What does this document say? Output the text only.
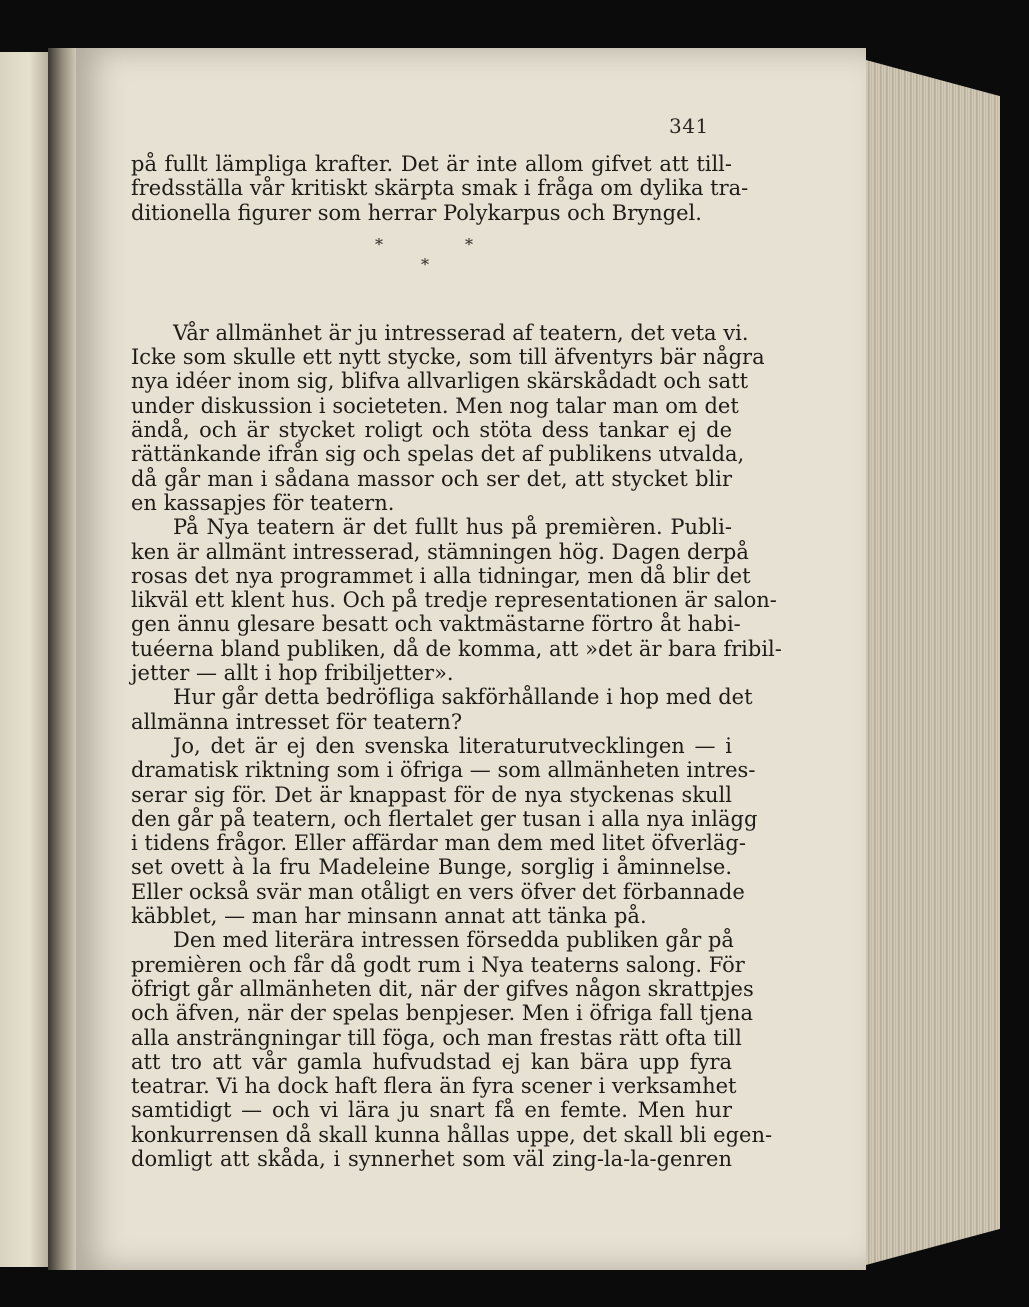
341

på fullt lämpliga krafter. Det är inte allom gifvet att till-
fredsställa vår kritiskt skärpta smak i fråga om dylika tra-
ditionella figurer som herrar Polykarpus och Bryngel.

*	*
*

Vår allmänhet är ju intresserad af teatern, det veta vi.
Icke som skulle ett nytt stycke, som till äfventyrs bär några
nya idéer inom sig, blifva allvarligen skärskådadt och satt
under diskussion i societeten. Men nog talar man om det
ändå, och är stycket roligt och stöta dess tankar ej de
rättänkande ifrån sig och spelas det af publikens utvalda,
då går man i sådana massor och ser det, att stycket blir
en kassapjes för teatern.

På Nya teatern är det fullt hus på premièren. Publi-
ken är allmänt intresserad, stämningen hög. Dagen derpå
rosas det nya programmet i alla tidningar, men då blir det
likväl ett klent hus. Och på tredje representationen är salon-
gen ännu glesare besatt och vaktmästarne förtro åt habi-
tuéerna bland publiken, då de komma, att »det är bara fribil-
jetter — allt i hop fribiljetter».

Hur går detta bedröfliga sakförhållande i hop med det
allmänna intresset för teatern?

Jo, det är ej den svenska literaturutvecklingen — i
dramatisk riktning som i öfriga — som allmänheten intres-
serar sig för. Det är knappast för de nya styckenas skull
den går på teatern, och flertalet ger tusan i alla nya inlägg
i tidens frågor. Eller affärdar man dem med litet öfverläg-
set ovett à la fru Madeleine Bunge, sorglig i åminnelse.
Eller också svär man otåligt en vers öfver det förbannade
käbblet, — man har minsann annat att tänka på.

Den med literära intressen försedda publiken går på
premièren och får då godt rum i Nya teaterns salong. För
öfrigt går allmänheten dit, när der gifves någon skrattpjes
och äfven, när der spelas benpjeser. Men i öfriga fall tjena
alla ansträngningar till föga, och man frestas rätt ofta till
att tro att vår gamla hufvudstad ej kan bära upp fyra
teatrar. Vi ha dock haft flera än fyra scener i verksamhet
samtidigt — och vi lära ju snart få en femte. Men hur
konkurrensen då skall kunna hållas uppe, det skall bli egen-
domligt att skåda, i synnerhet som väl zing-la-la-genren
